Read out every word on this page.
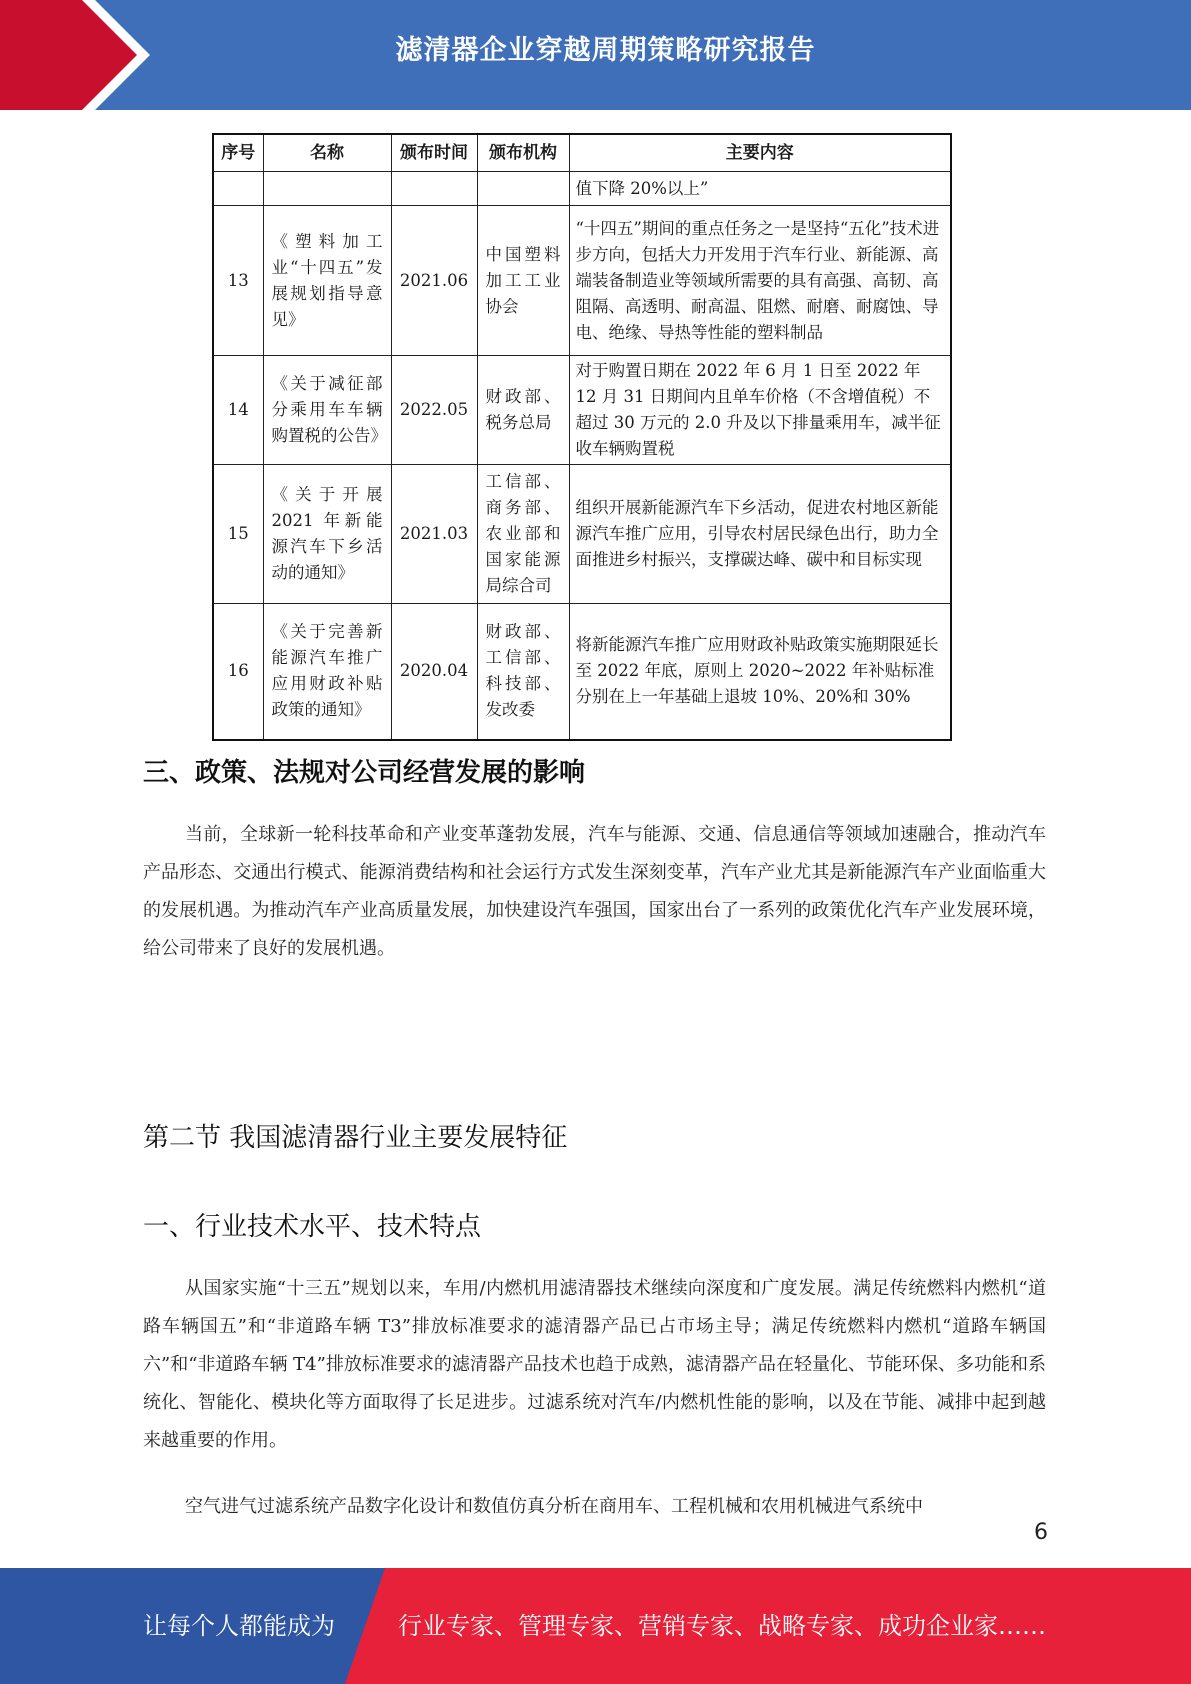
滤清器企业穿越周期策略研究报告
序号	名称	颁布时间	颁布机构	主要内容
				值下降 20%以上”
13	《塑料加工业“十四五”发展规划指导意见》	2021.06	中国塑料加工工业协会	“十四五”期间的重点任务之一是坚持“五化”技术进步方向，包括大力开发用于汽车行业、新能源、高端装备制造业等领域所需要的具有高强、高韧、高阻隔、高透明、耐高温、阻燃、耐磨、耐腐蚀、导电、绝缘、导热等性能的塑料制品
14	《关于减征部分乘用车车辆购置税的公告》	2022.05	财政部、税务总局	对于购置日期在 2022 年 6 月 1 日至 2022 年 12 月 31 日期间内且单车价格（不含增值税）不超过 30 万元的 2.0 升及以下排量乘用车，减半征收车辆购置税
15	《关于开展 2021 年新能源汽车下乡活动的通知》	2021.03	工信部、商务部、农业部和国家能源局综合司	组织开展新能源汽车下乡活动，促进农村地区新能源汽车推广应用，引导农村居民绿色出行，助力全面推进乡村振兴，支撑碳达峰、碳中和目标实现
16	《关于完善新能源汽车推广应用财政补贴政策的通知》	2020.04	财政部、工信部、科技部、发改委	将新能源汽车推广应用财政补贴政策实施期限延长至 2022 年底，原则上 2020~2022 年补贴标准分别在上一年基础上退坡 10%、20%和 30%
三、政策、法规对公司经营发展的影响
当前，全球新一轮科技革命和产业变革蓬勃发展，汽车与能源、交通、信息通信等领域加速融合，推动汽车产品形态、交通出行模式、能源消费结构和社会运行方式发生深刻变革，汽车产业尤其是新能源汽车产业面临重大的发展机遇。为推动汽车产业高质量发展，加快建设汽车强国，国家出台了一系列的政策优化汽车产业发展环境，给公司带来了良好的发展机遇。
第二节 我国滤清器行业主要发展特征
一、行业技术水平、技术特点
从国家实施“十三五”规划以来，车用/内燃机用滤清器技术继续向深度和广度发展。满足传统燃料内燃机“道路车辆国五”和“非道路车辆 T3”排放标准要求的滤清器产品已占市场主导；满足传统燃料内燃机“道路车辆国六”和“非道路车辆 T4”排放标准要求的滤清器产品技术也趋于成熟，滤清器产品在轻量化、节能环保、多功能和系统化、智能化、模块化等方面取得了长足进步。过滤系统对汽车/内燃机性能的影响，以及在节能、减排中起到越来越重要的作用。
空气进气过滤系统产品数字化设计和数值仿真分析在商用车、工程机械和农用机械进气系统中
6
让每个人都能成为	行业专家、管理专家、营销专家、战略专家、成功企业家……
